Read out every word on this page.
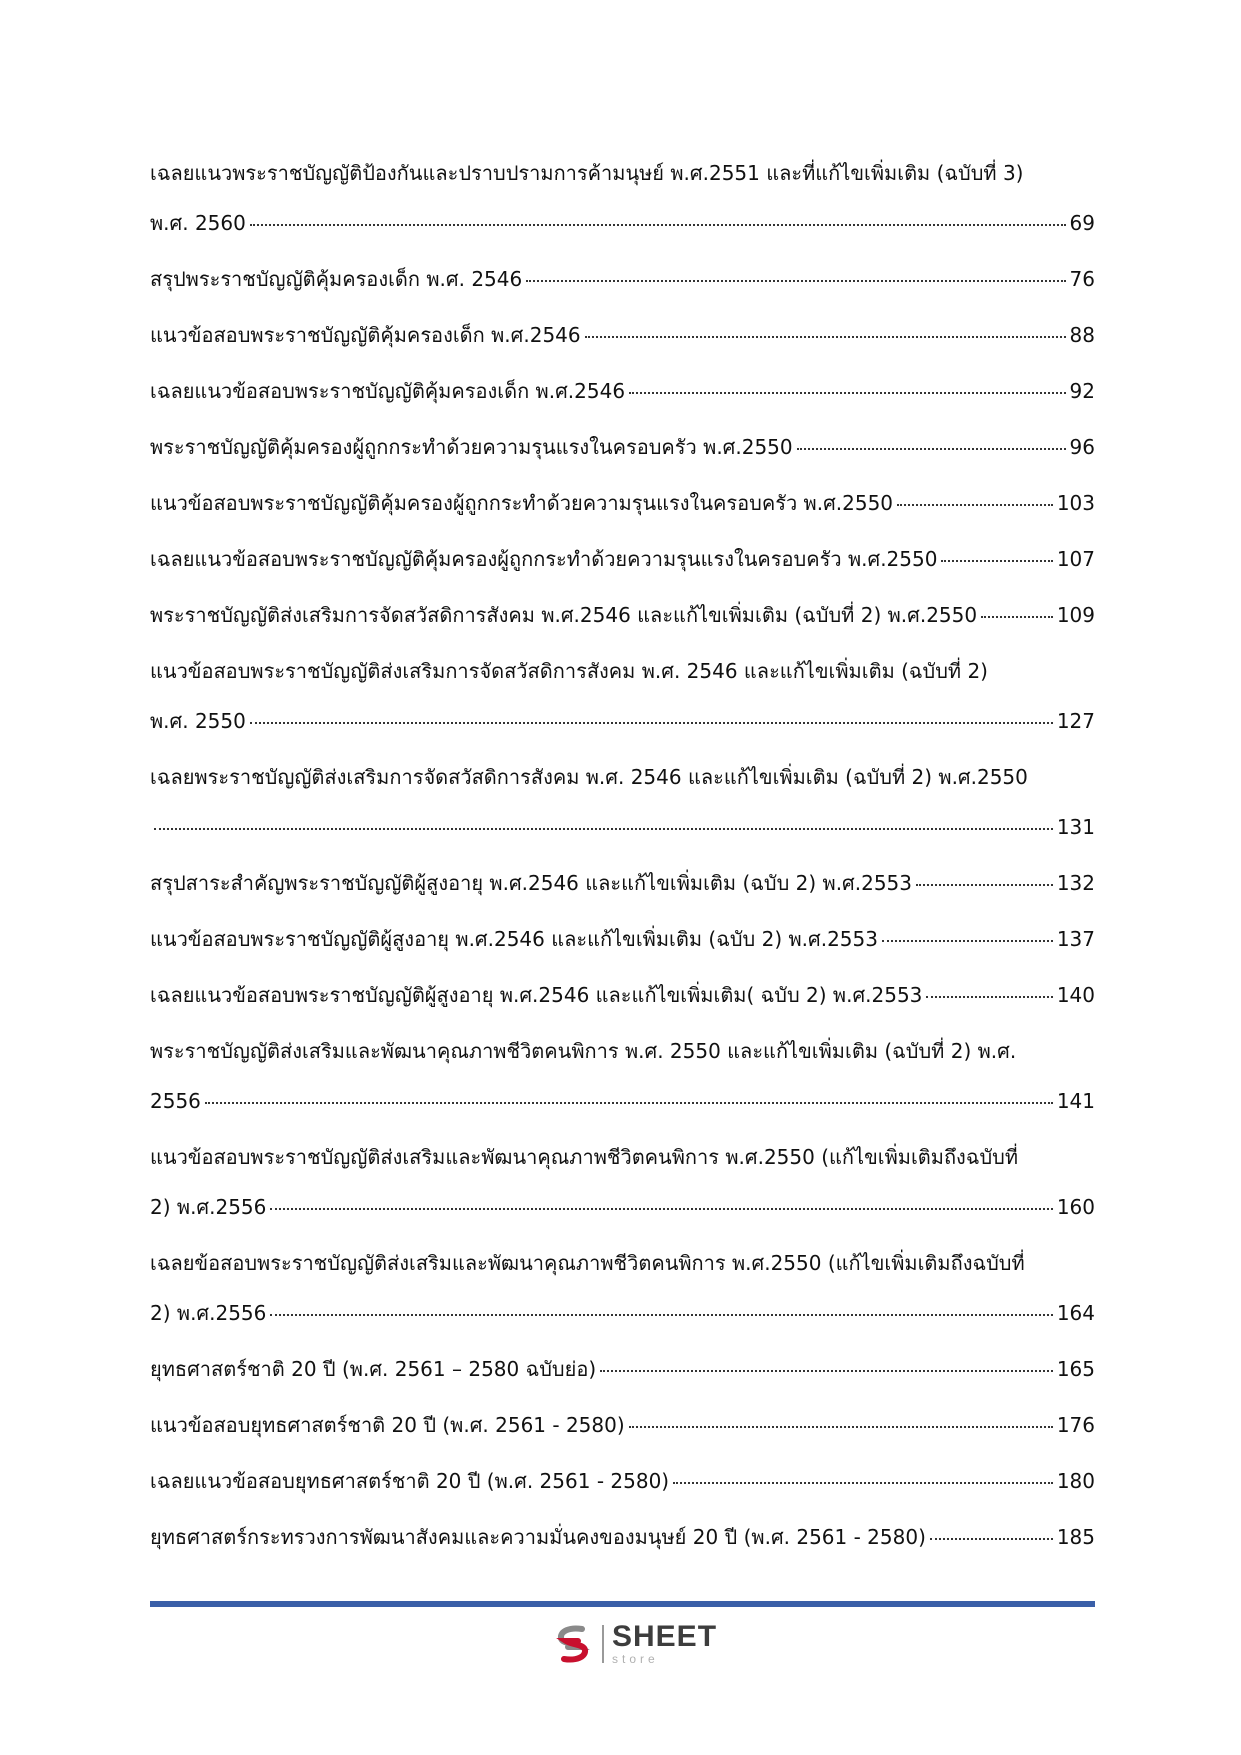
เฉลยแนวพระราชบัญญัติป้องกันและปราบปรามการค้ามนุษย์ พ.ศ.2551 และที่แก้ไขเพิ่มเติม (ฉบับที่ 3)
พ.ศ. 2560	69
สรุปพระราชบัญญัติคุ้มครองเด็ก พ.ศ. 2546	76
แนวข้อสอบพระราชบัญญัติคุ้มครองเด็ก พ.ศ.2546	88
เฉลยแนวข้อสอบพระราชบัญญัติคุ้มครองเด็ก พ.ศ.2546	92
พระราชบัญญัติคุ้มครองผู้ถูกกระทำด้วยความรุนแรงในครอบครัว พ.ศ.2550	96
แนวข้อสอบพระราชบัญญัติคุ้มครองผู้ถูกกระทำด้วยความรุนแรงในครอบครัว พ.ศ.2550	103
เฉลยแนวข้อสอบพระราชบัญญัติคุ้มครองผู้ถูกกระทำด้วยความรุนแรงในครอบครัว พ.ศ.2550	107
พระราชบัญญัติส่งเสริมการจัดสวัสดิการสังคม พ.ศ.2546 และแก้ไขเพิ่มเติม (ฉบับที่ 2) พ.ศ.2550	109
แนวข้อสอบพระราชบัญญัติส่งเสริมการจัดสวัสดิการสังคม พ.ศ. 2546 และแก้ไขเพิ่มเติม (ฉบับที่ 2)
พ.ศ. 2550	127
เฉลยพระราชบัญญัติส่งเสริมการจัดสวัสดิการสังคม พ.ศ. 2546 และแก้ไขเพิ่มเติม (ฉบับที่ 2) พ.ศ.2550
131
สรุปสาระสำคัญพระราชบัญญัติผู้สูงอายุ พ.ศ.2546 และแก้ไขเพิ่มเติม (ฉบับ 2) พ.ศ.2553	132
แนวข้อสอบพระราชบัญญัติผู้สูงอายุ พ.ศ.2546 และแก้ไขเพิ่มเติม (ฉบับ 2) พ.ศ.2553	137
เฉลยแนวข้อสอบพระราชบัญญัติผู้สูงอายุ พ.ศ.2546 และแก้ไขเพิ่มเติม( ฉบับ 2) พ.ศ.2553	140
พระราชบัญญัติส่งเสริมและพัฒนาคุณภาพชีวิตคนพิการ พ.ศ. 2550 และแก้ไขเพิ่มเติม (ฉบับที่ 2) พ.ศ.
2556	141
แนวข้อสอบพระราชบัญญัติส่งเสริมและพัฒนาคุณภาพชีวิตคนพิการ พ.ศ.2550 (แก้ไขเพิ่มเติมถึงฉบับที่
2) พ.ศ.2556	160
เฉลยข้อสอบพระราชบัญญัติส่งเสริมและพัฒนาคุณภาพชีวิตคนพิการ พ.ศ.2550 (แก้ไขเพิ่มเติมถึงฉบับที่
2) พ.ศ.2556	164
ยุทธศาสตร์ชาติ 20 ปี (พ.ศ. 2561 – 2580 ฉบับย่อ)	165
แนวข้อสอบยุทธศาสตร์ชาติ 20 ปี (พ.ศ. 2561 - 2580)	176
เฉลยแนวข้อสอบยุทธศาสตร์ชาติ 20 ปี (พ.ศ. 2561 - 2580)	180
ยุทธศาสตร์กระทรวงการพัฒนาสังคมและความมั่นคงของมนุษย์ 20 ปี (พ.ศ. 2561 - 2580)	185
SHEET
store
